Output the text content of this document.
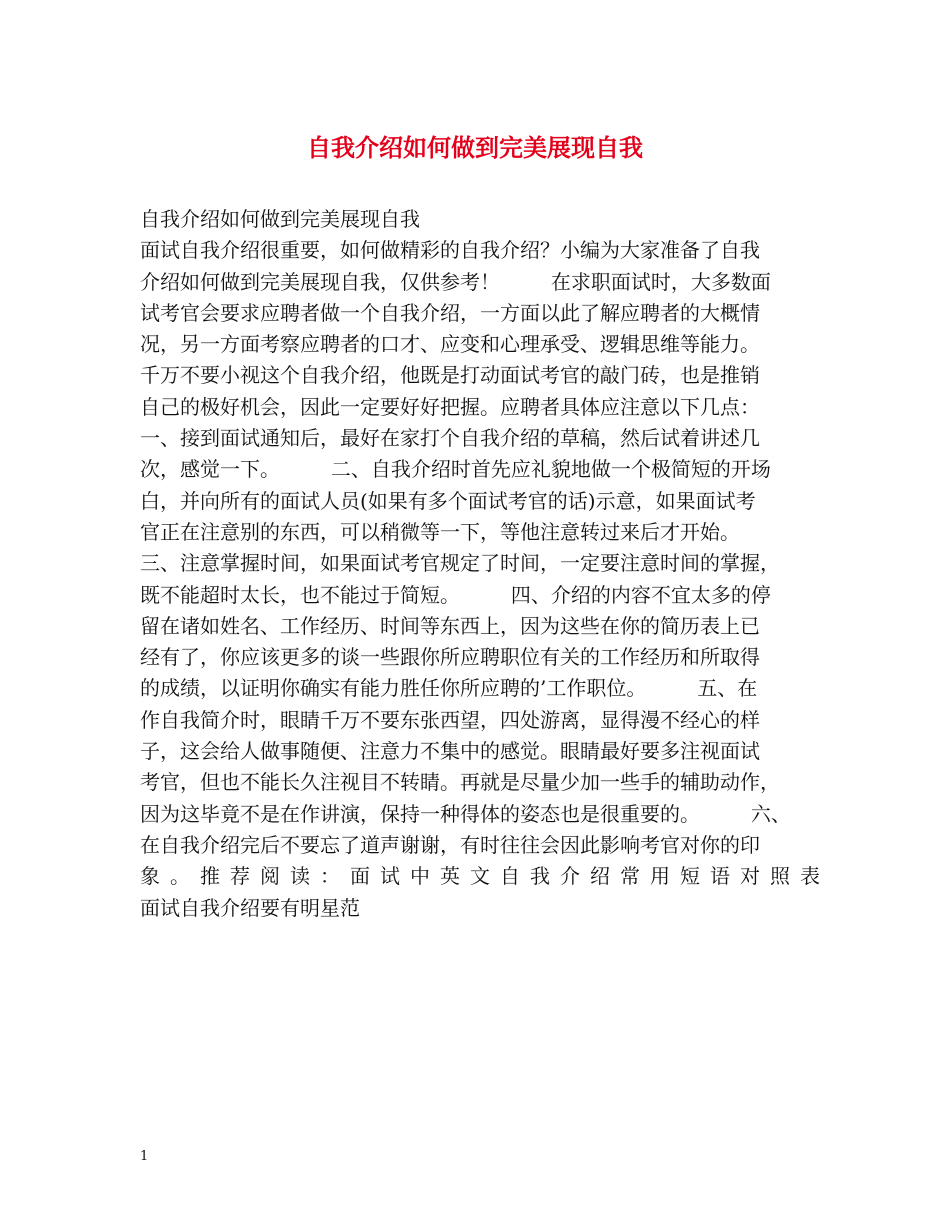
自我介绍如何做到完美展现自我
自我介绍如何做到完美展现自我
面试自我介绍很重要，如何做精彩的自我介绍？小编为大家准备了自我
介绍如何做到完美展现自我，仅供参考！        在求职面试时，大多数面
试考官会要求应聘者做一个自我介绍，一方面以此了解应聘者的大概情
况，另一方面考察应聘者的口才、应变和心理承受、逻辑思维等能力。
千万不要小视这个自我介绍，他既是打动面试考官的敲门砖，也是推销
自己的极好机会，因此一定要好好把握。应聘者具体应注意以下几点：
一、接到面试通知后，最好在家打个自我介绍的草稿，然后试着讲述几
次，感觉一下。        二、自我介绍时首先应礼貌地做一个极简短的开场
白，并向所有的面试人员(如果有多个面试考官的话)示意，如果面试考
官正在注意别的东西，可以稍微等一下，等他注意转过来后才开始。
三、注意掌握时间，如果面试考官规定了时间，一定要注意时间的掌握，
既不能超时太长，也不能过于简短。        四、介绍的内容不宜太多的停
留在诸如姓名、工作经历、时间等东西上，因为这些在你的简历表上已
经有了，你应该更多的谈一些跟你所应聘职位有关的工作经历和所取得
的成绩，以证明你确实有能力胜任你所应聘的’工作职位。        五、在
作自我简介时，眼睛千万不要东张西望，四处游离，显得漫不经心的样
子，这会给人做事随便、注意力不集中的感觉。眼睛最好要多注视面试
考官，但也不能长久注视目不转睛。再就是尽量少加一些手的辅助动作，
因为这毕竟不是在作讲演，保持一种得体的姿态也是很重要的。        六、
在自我介绍完后不要忘了道声谢谢，有时往往会因此影响考官对你的印
象。推荐阅读：面试中英文自我介绍常用短语对照表
面试自我介绍要有明星范
1
